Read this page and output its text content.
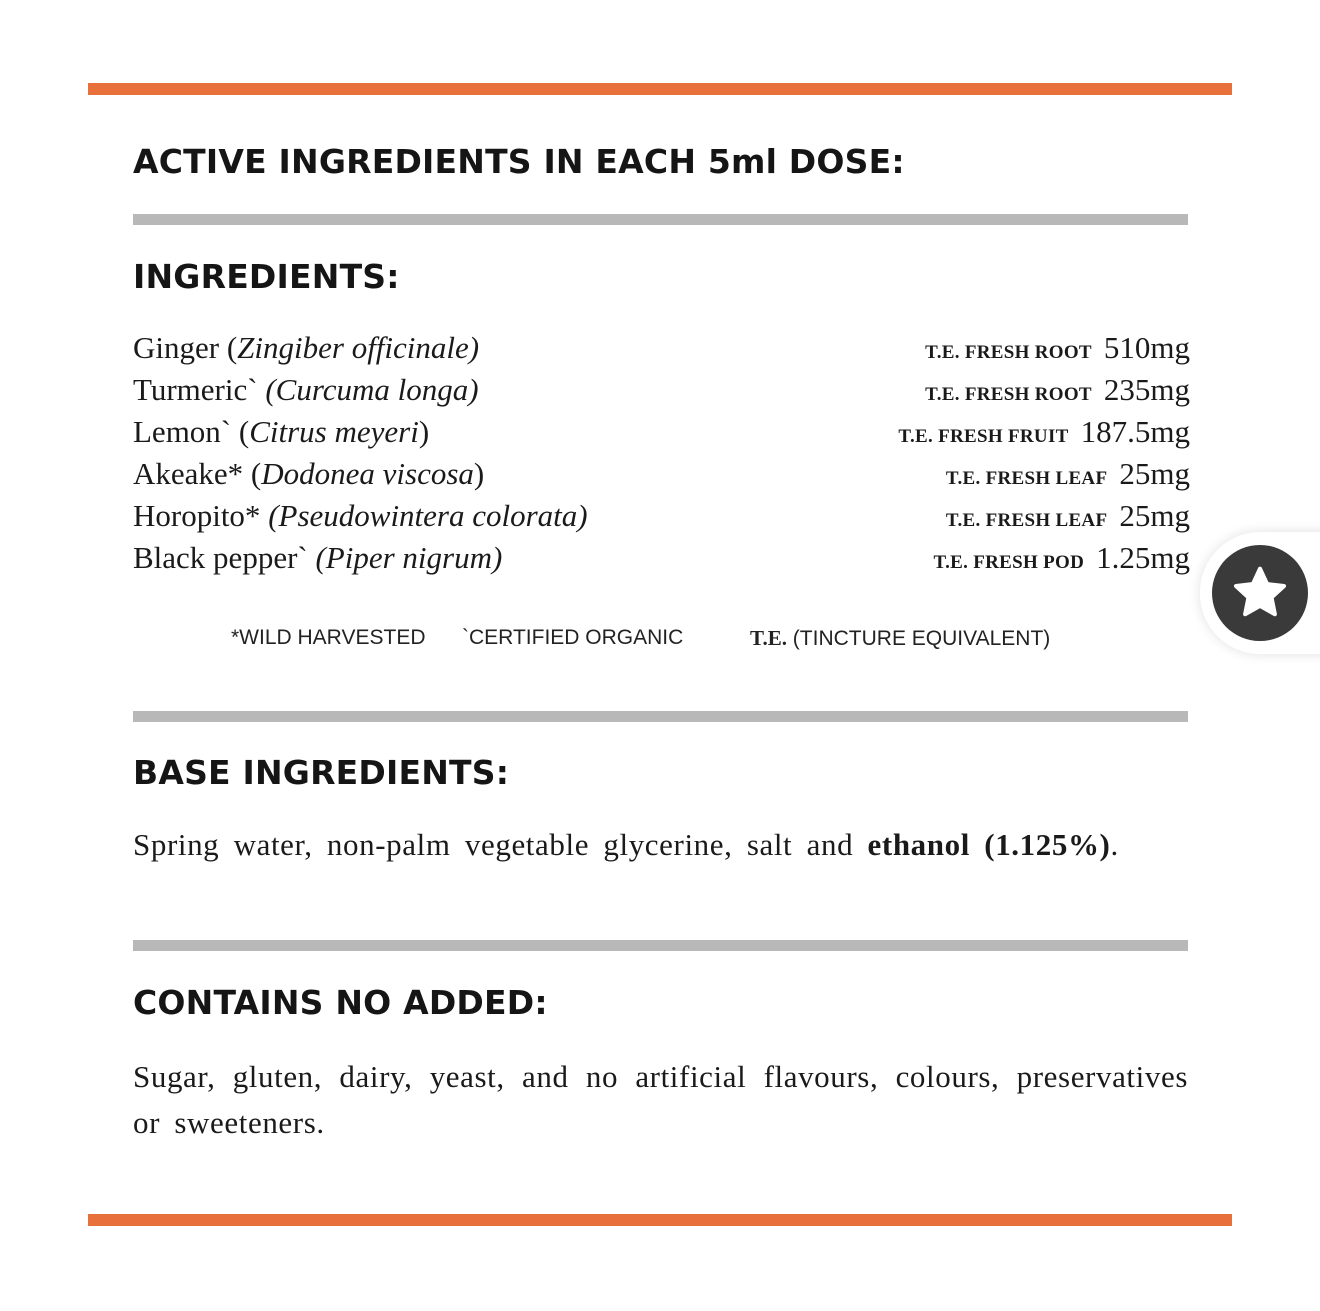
ACTIVE INGREDIENTS IN EACH 5ml DOSE:
INGREDIENTS:
Ginger (Zingiber officinale)	T.E. FRESH ROOT 510mg
Turmeric` (Curcuma longa)	T.E. FRESH ROOT 235mg
Lemon` (Citrus meyeri)	T.E. FRESH FRUIT 187.5mg
Akeake* (Dodonea viscosa)	T.E. FRESH LEAF 25mg
Horopito* (Pseudowintera colorata)	T.E. FRESH LEAF 25mg
Black pepper` (Piper nigrum)	T.E. FRESH POD 1.25mg
*WILD HARVESTED `CERTIFIED ORGANIC	T.E. (TINCTURE EQUIVALENT)
BASE INGREDIENTS:

Spring water, non-palm vegetable glycerine, salt and ethanol (1.125%).

CONTAINS NO ADDED:

Sugar, gluten, dairy, yeast, and no artificial flavours, colours, preservatives or sweeteners.
